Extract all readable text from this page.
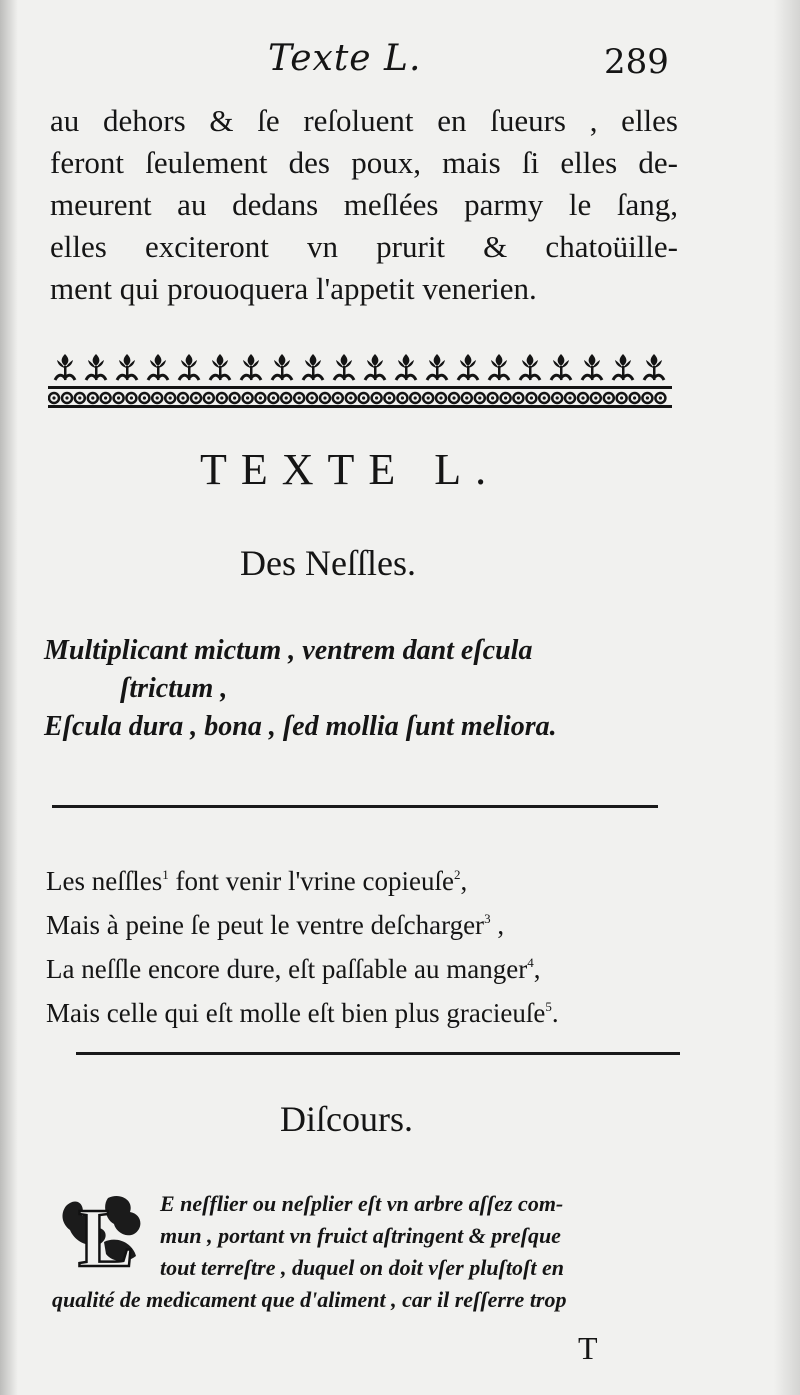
Texte L.	289
au dehors & ſe reſoluent en ſueurs , elles
feront ſeulement des poux, mais ſi elles de-
meurent au dedans meſlées parmy le ſang,
elles exciteront vn prurit & chatoüille-
ment qui prouoquera l'appetit venerien.
TEXTE L.
Des Neſſles.
Multiplicant mictum , ventrem dant eſcula
ſtrictum ,
Eſcula dura , bona , ſed mollia ſunt meliora.
Les neſſles$^1$ font venir l'vrine copieuſe$^2$,
Mais à peine ſe peut le ventre deſcharger$^3$ ,
La neſſle encore dure, eſt paſſable au manger$^4$,
Mais celle qui eſt molle eſt bien plus gracieuſe$^5$.
Diſcours.
L E neſflier ou neſplier eſt vn arbre aſſez com-
mun , portant vn fruict aſtringent & preſque
tout terreſtre , duquel on doit vſer pluſtoſt en
qualité de medicament que d'aliment , car il reſſerre trop
T
